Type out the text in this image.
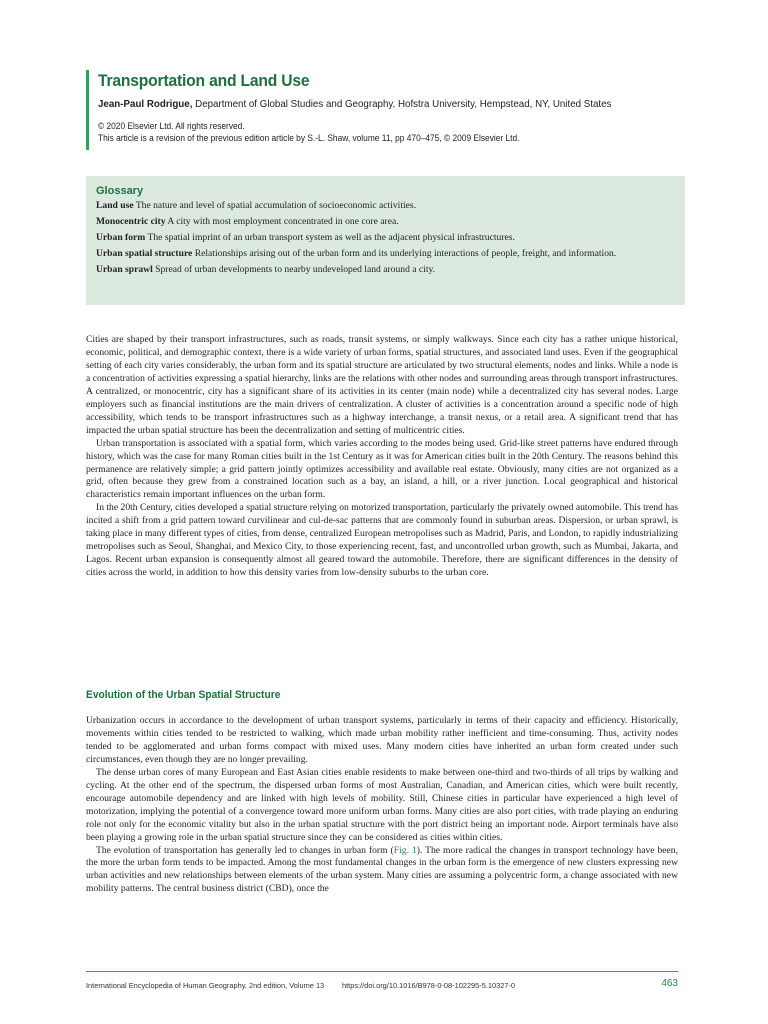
Transportation and Land Use
Jean-Paul Rodrigue, Department of Global Studies and Geography, Hofstra University, Hempstead, NY, United States
© 2020 Elsevier Ltd. All rights reserved.
This article is a revision of the previous edition article by S.-L. Shaw, volume 11, pp 470–475, © 2009 Elsevier Ltd.
Glossary
Land use The nature and level of spatial accumulation of socioeconomic activities.
Monocentric city A city with most employment concentrated in one core area.
Urban form The spatial imprint of an urban transport system as well as the adjacent physical infrastructures.
Urban spatial structure Relationships arising out of the urban form and its underlying interactions of people, freight, and information.
Urban sprawl Spread of urban developments to nearby undeveloped land around a city.

Cities are shaped by their transport infrastructures, such as roads, transit systems, or simply walkways. Since each city has a rather unique historical, economic, political, and demographic context, there is a wide variety of urban forms, spatial structures, and associated land uses. Even if the geographical setting of each city varies considerably, the urban form and its spatial structure are articulated by two structural elements, nodes and links. While a node is a concentration of activities expressing a spatial hierarchy, links are the relations with other nodes and surrounding areas through transport infrastructures. A centralized, or monocentric, city has a significant share of its activities in its center (main node) while a decentralized city has several nodes. Large employers such as financial institutions are the main drivers of centralization. A cluster of activities is a concentration around a specific node of high accessibility, which tends to be transport infrastructures such as a highway interchange, a transit nexus, or a retail area. A significant trend that has impacted the urban spatial structure has been the decentralization and setting of multicentric cities.

Urban transportation is associated with a spatial form, which varies according to the modes being used. Grid-like street patterns have endured through history, which was the case for many Roman cities built in the 1st Century as it was for American cities built in the 20th Century. The reasons behind this permanence are relatively simple; a grid pattern jointly optimizes accessibility and available real estate. Obviously, many cities are not organized as a grid, often because they grew from a constrained location such as a bay, an island, a hill, or a river junction. Local geographical and historical characteristics remain important influences on the urban form.

In the 20th Century, cities developed a spatial structure relying on motorized transportation, particularly the privately owned automobile. This trend has incited a shift from a grid pattern toward curvilinear and cul-de-sac patterns that are commonly found in suburban areas. Dispersion, or urban sprawl, is taking place in many different types of cities, from dense, centralized European metropolises such as Madrid, Paris, and London, to rapidly industrializing metropolises such as Seoul, Shanghai, and Mexico City, to those experiencing recent, fast, and uncontrolled urban growth, such as Mumbai, Jakarta, and Lagos. Recent urban expansion is consequently almost all geared toward the automobile. Therefore, there are significant differences in the density of cities across the world, in addition to how this density varies from low-density suburbs to the urban core.

Evolution of the Urban Spatial Structure

Urbanization occurs in accordance to the development of urban transport systems, particularly in terms of their capacity and efficiency. Historically, movements within cities tended to be restricted to walking, which made urban mobility rather inefficient and time-consuming. Thus, activity nodes tended to be agglomerated and urban forms compact with mixed uses. Many modern cities have inherited an urban form created under such circumstances, even though they are no longer prevailing.

The dense urban cores of many European and East Asian cities enable residents to make between one-third and two-thirds of all trips by walking and cycling. At the other end of the spectrum, the dispersed urban forms of most Australian, Canadian, and American cities, which were built recently, encourage automobile dependency and are linked with high levels of mobility. Still, Chinese cities in particular have experienced a high level of motorization, implying the potential of a convergence toward more uniform urban forms. Many cities are also port cities, with trade playing an enduring role not only for the economic vitality but also in the urban spatial structure with the port district being an important node. Airport terminals have also been playing a growing role in the urban spatial structure since they can be considered as cities within cities.

The evolution of transportation has generally led to changes in urban form (Fig. 1). The more radical the changes in transport technology have been, the more the urban form tends to be impacted. Among the most fundamental changes in the urban form is the emergence of new clusters expressing new urban activities and new relationships between elements of the urban system. Many cities are assuming a polycentric form, a change associated with new mobility patterns. The central business district (CBD), once the

International Encyclopedia of Human Geography, 2nd edition, Volume 13 https://doi.org/10.1016/B978-0-08-102295-5.10327-0	463
